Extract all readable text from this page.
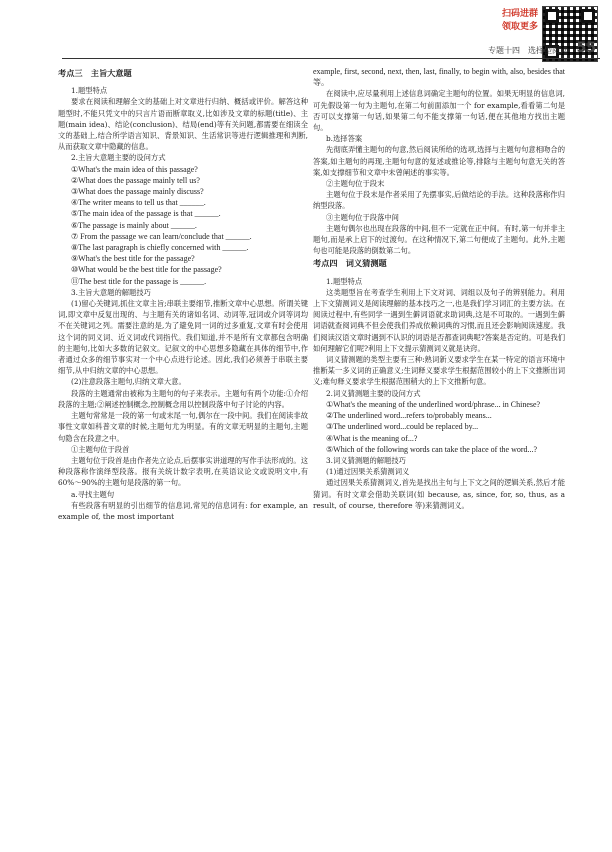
扫码进群
领取更多
专题十四　选择型阅读 55

考点三　主旨大意题

1.题型特点

要求在阅读和理解全文的基础上对文章进行归纳、概括或评价。解答这种题型时,不能只凭文中的只言片语而断章取义,比如涉及文章的标题(title)、主题(main idea)、结论(conclusion)、结局(end)等有关问题,都需要在细读全文的基础上,结合所学语言知识、背景知识、生活常识等进行逻辑推理和判断,从而获取文章中隐藏的信息。

2.主旨大意题主要的设问方式

①What's the main idea of this passage?

②What does the passage mainly tell us?

③What does the passage mainly discuss?

④The writer means to tell us that ______.

⑤The main idea of the passage is that ______.

⑥The passage is mainly about ______.

⑦ From the passage we can learn/conclude that ______.

⑧The last paragraph is chiefly concerned with ______.

⑨What's the best title for the passage?

⑩What would be the best title for the passage?

⑪The best title for the passage is ______.

3.主旨大意题的解题技巧

(1)留心关键词,抓住文章主旨;串联主要细节,推断文章中心思想。所谓关键词,即文章中反复出现的、与主题有关的诸如名词、动词等,冠词或介词等词均不在关键词之列。需要注意的是,为了避免同一词的过多重复,文章有时会使用这个词的同义词、近义词或代词指代。我们知道,并不是所有文章都包含明确的主题句,比如大多数的记叙文。记叙文的中心思想多隐藏在具体的细节中,作者通过众多的细节事实对一个中心点进行论述。因此,我们必须善于串联主要细节,从中归纳文章的中心思想。

(2)注意段落主题句,归纳文章大意。

段落的主题通常由被称为主题句的句子来表示。主题句有两个功能:①介绍段落的主题;②阐述控制概念,控制概念用以控制段落中句子讨论的内容。

主题句常常是一段的第一句或末尾一句,偶尔在一段中间。我们在阅读非故事性文章如科普文章的时候,主题句尤为明显。有的文章无明显的主题句,主题句隐含在段意之中。

①主题句位于段首

主题句位于段首是由作者先立论点,后摆事实讲道理的写作手法形成的。这种段落称作演绎型段落。报有关统计数字表明,在英语议论文或说明文中,有60%～90%的主题句是段落的第一句。

a.寻找主题句

有些段落有明显的引出细节的信息词,常见的信息词有: for example, an example of, the most important

example, first, second, next, then, last, finally, to begin with, also, besides that 等。

在阅读中,应尽量利用上述信息词确定主题句的位置。如果无明显的信息词,可先假设第一句为主题句,在第二句前面添加一个 for example,看看第二句是否可以支撑第一句话,如果第二句不能支撑第一句话,便在其他地方找出主题句。

b.选择答案

先彻底弄懂主题句的句意,然后阅读所给的选项,选择与主题句句意相吻合的答案,如主题句的再现,主题句句意的复述或推论等,排除与主题句句意无关的答案,如支撑细节和文章中未曾阐述的事实等。

②主题句位于段末

主题句位于段末是作者采用了先摆事实,后做结论的手法。这种段落称作归纳型段落。

③主题句位于段落中间

主题句偶尔也出现在段落的中间,但不一定就在正中间。有时,第一句并非主题句,而是承上启下的过渡句。在这种情况下,第二句便成了主题句。此外,主题句也可能是段落的倒数第二句。

考点四　词义猜测题

1.题型特点

这类题型旨在考查学生利用上下文对词、词组以及句子的辨别能力。利用上下文猜测词义是阅读理解的基本技巧之一,也是我们学习词汇的主要方法。在阅读过程中,有些同学一遇到生僻词语就求助词典,这是不可取的。一遇到生僻词语就查阅词典不但会使我们养成依赖词典的习惯,而且还会影响阅读速度。我们阅读汉语文章时遇到不认识的词语是否都查词典呢?答案是否定的。可是我们如何理解它们呢?利用上下文提示猜测词义就是诀窍。

词义猜测题的类型主要有三种:熟词新义要求学生在某一特定的语言环境中推断某一多义词的正确意义;生词释义要求学生根据范围较小的上下文推断出词义;难句释义要求学生根据范围稍大的上下文推断句意。

2.词义猜测题主要的设问方式

①What's the meaning of the underlined word/phrase... in Chinese?

②The underlined word...refers to/probably means...

③The underlined word...could be replaced by...

④What is the meaning of...?

⑤Which of the following words can take the place of the word...?

3.词义猜测题的解题技巧

(1)通过因果关系猜测词义

通过因果关系猜测词义,首先是找出主句与上下文之间的逻辑关系,然后才能猜词。有时文章会借助关联词(如 because, as, since, for, so, thus, as a result, of course, therefore 等)来猜测词义。
